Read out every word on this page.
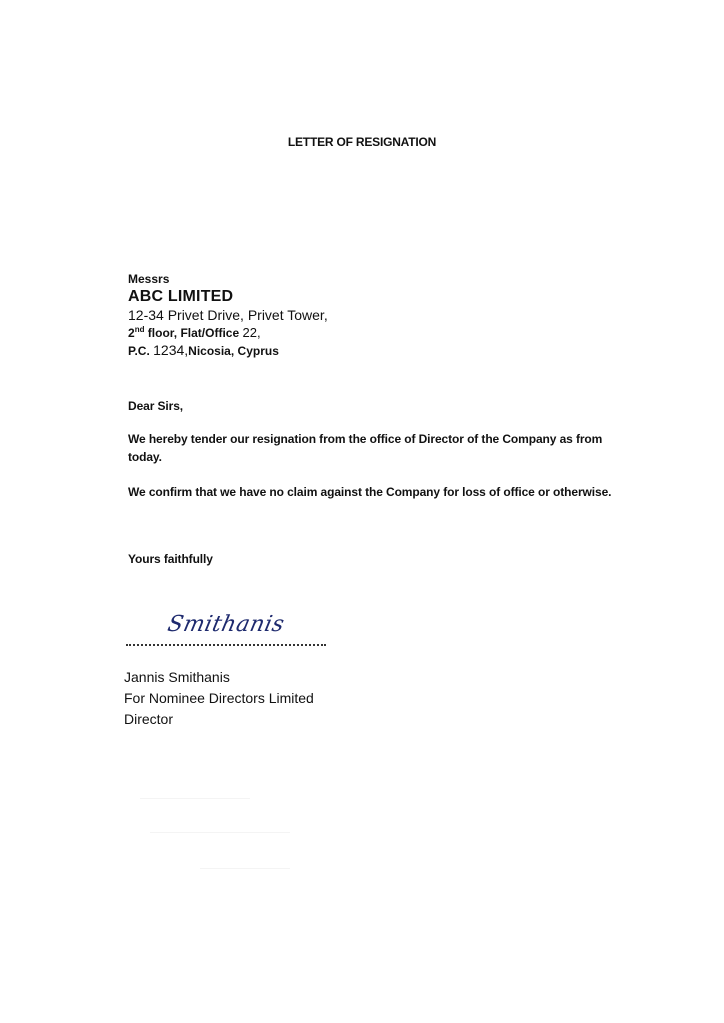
LETTER OF RESIGNATION
Messrs
ABC LIMITED
12-34 Privet Drive, Privet Tower,
2nd floor, Flat/Office 22,
P.C. 1234,Nicosia, Cyprus
Dear Sirs,
We hereby tender our resignation from the office of Director of the Company as from today.
We confirm that we have no claim against the Company for loss of office or otherwise.
Yours faithfully
Smithanis
Jannis Smithanis
For Nominee Directors Limited
Director
